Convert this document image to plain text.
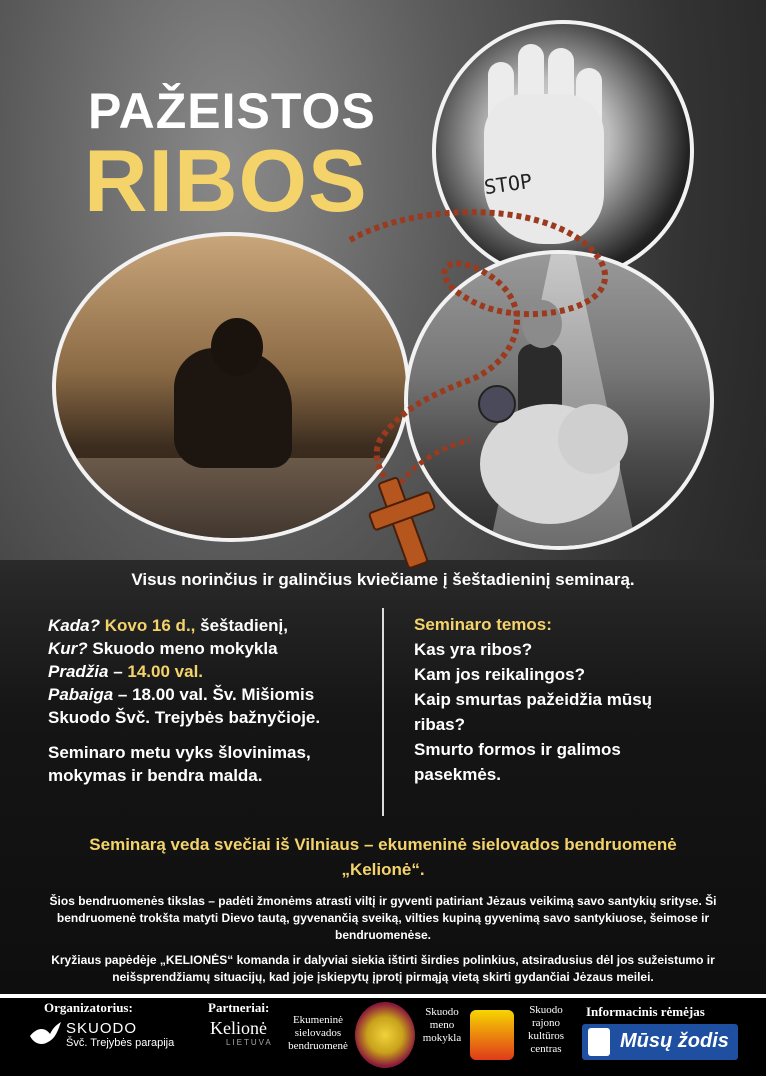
STOP
PAŽEISTOS
RIBOS
Visus norinčius ir galinčius kviečiame į šeštadieninį seminarą.
Kada? Kovo 16 d., šeštadienį,
Kur? Skuodo meno mokykla
Pradžia – 14.00 val.
Pabaiga – 18.00 val. Šv. Mišiomis
Skuodo Švč. Trejybės bažnyčioje.
Seminaro metu vyks šlovinimas,
mokymas ir bendra malda.
Seminaro temos:
Kas yra ribos?
Kam jos reikalingos?
Kaip smurtas pažeidžia mūsų
ribas?
Smurto formos ir galimos
pasekmės.
Seminarą veda svečiai iš Vilniaus – ekumeninė sielovados bendruomenė
„Kelionė“.
Šios bendruomenės tikslas – padėti žmonėms atrasti viltį ir gyventi patiriant Jėzaus veikimą savo santykių srityse. Ši bendruomenė trokšta matyti Dievo tautą, gyvenančią sveiką, vilties kupiną gyvenimą savo santykiuose, šeimose ir bendruomenėse.
Kryžiaus papėdėje „KELIONĖS“ komanda ir dalyviai siekia ištirti širdies polinkius, atsiradusius dėl jos sužeistumo ir neišsprendžiamų situacijų, kad joje įskiepytų įprotį pirmąją vietą skirti gydančiai Jėzaus meilei.
Organizatorius:
SKUODO
Švč. Trejybės parapija
Partneriai:
Kelionė
LIETUVA
Ekumeninė sielovados bendruomenė
Skuodo meno mokykla
Skuodo rajono kultūros centras
Informacinis rėmėjas
Mūsų žodis
